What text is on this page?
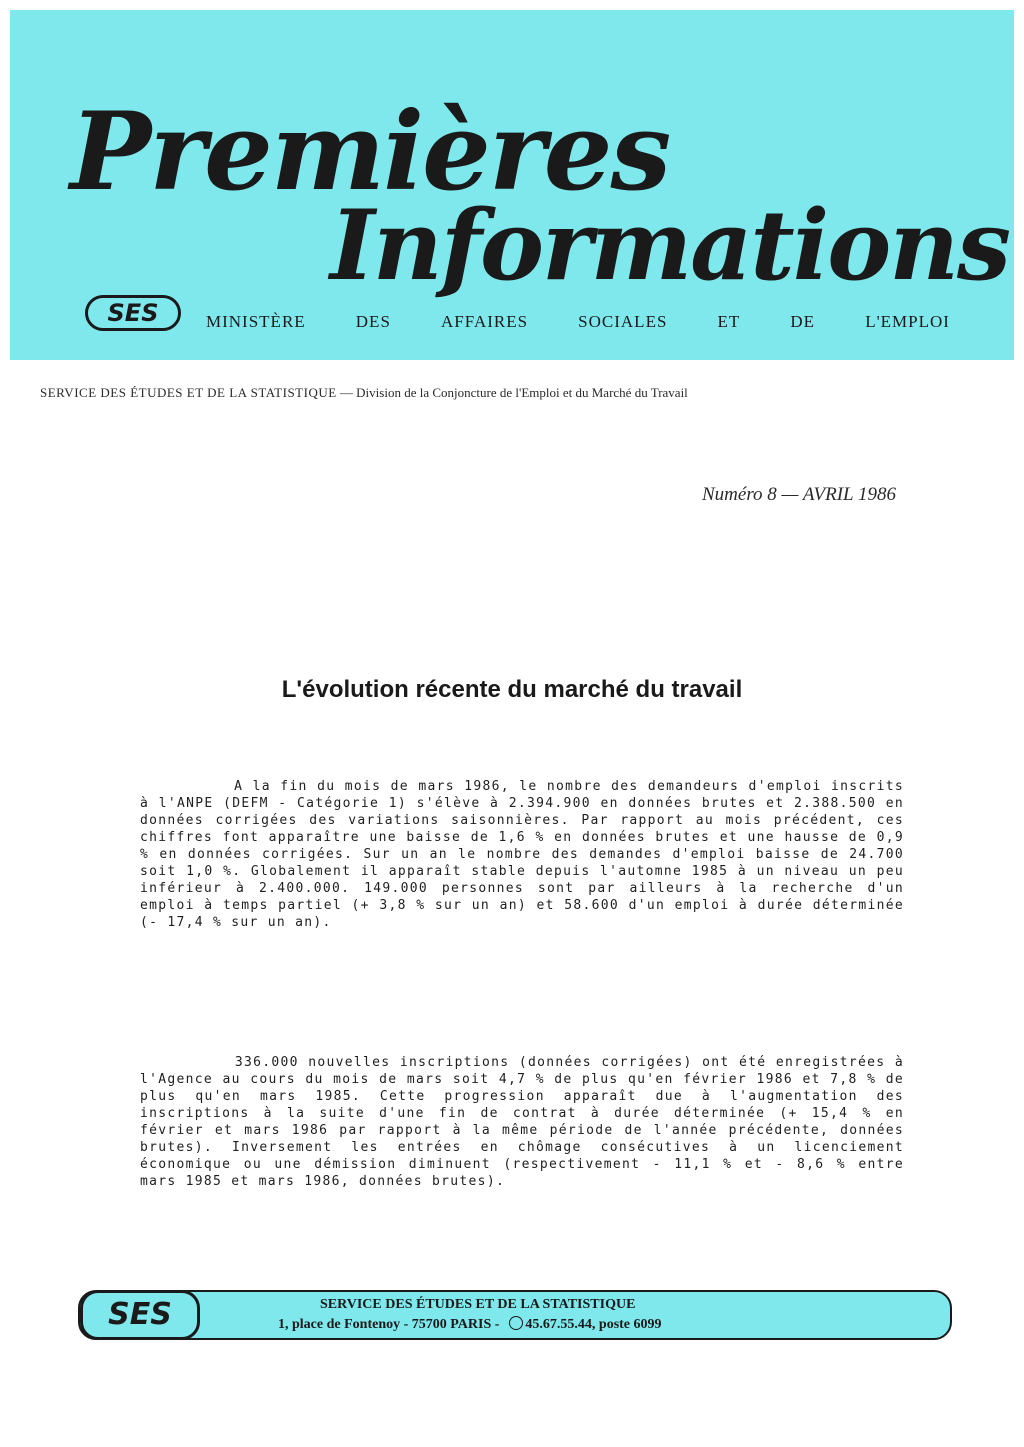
Premières
Informations
SES	MINISTÈRE	DES	AFFAIRES	SOCIALES	ET	DE	L'EMPLOI
SERVICE DES ÉTUDES ET DE LA STATISTIQUE — Division de la Conjoncture de l'Emploi et du Marché du Travail
Numéro 8 — AVRIL 1986
L'évolution récente du marché du travail
A la fin du mois de mars 1986, le nombre des demandeurs d'emploi inscrits à l'ANPE (DEFM - Catégorie 1) s'élève à 2.394.900 en données brutes et 2.388.500 en données corrigées des variations saisonnières. Par rapport au mois précédent, ces chiffres font apparaître une baisse de 1,6 % en données brutes et une hausse de 0,9 % en données corrigées. Sur un an le nombre des demandes d'emploi baisse de 24.700 soit 1,0 %. Globalement il apparaît stable depuis l'automne 1985 à un niveau un peu inférieur à 2.400.000. 149.000 personnes sont par ailleurs à la recherche d'un emploi à temps partiel (+ 3,8 % sur un an) et 58.600 d'un emploi à durée déterminée (- 17,4 % sur un an).
336.000 nouvelles inscriptions (données corrigées) ont été enregistrées à l'Agence au cours du mois de mars soit 4,7 % de plus qu'en février 1986 et 7,8 % de plus qu'en mars 1985. Cette progression apparaît due à l'augmentation des inscriptions à la suite d'une fin de contrat à durée déterminée (+ 15,4 % en février et mars 1986 par rapport à la même période de l'année précédente, données brutes). Inversement les entrées en chômage consécutives à un licenciement économique ou une démission diminuent (respectivement - 11,1 % et - 8,6 % entre mars 1985 et mars 1986, données brutes).
SES	SERVICE DES ÉTUDES ET DE LA STATISTIQUE
1, place de Fontenoy - 75700 PARIS - 45.67.55.44, poste 6099
